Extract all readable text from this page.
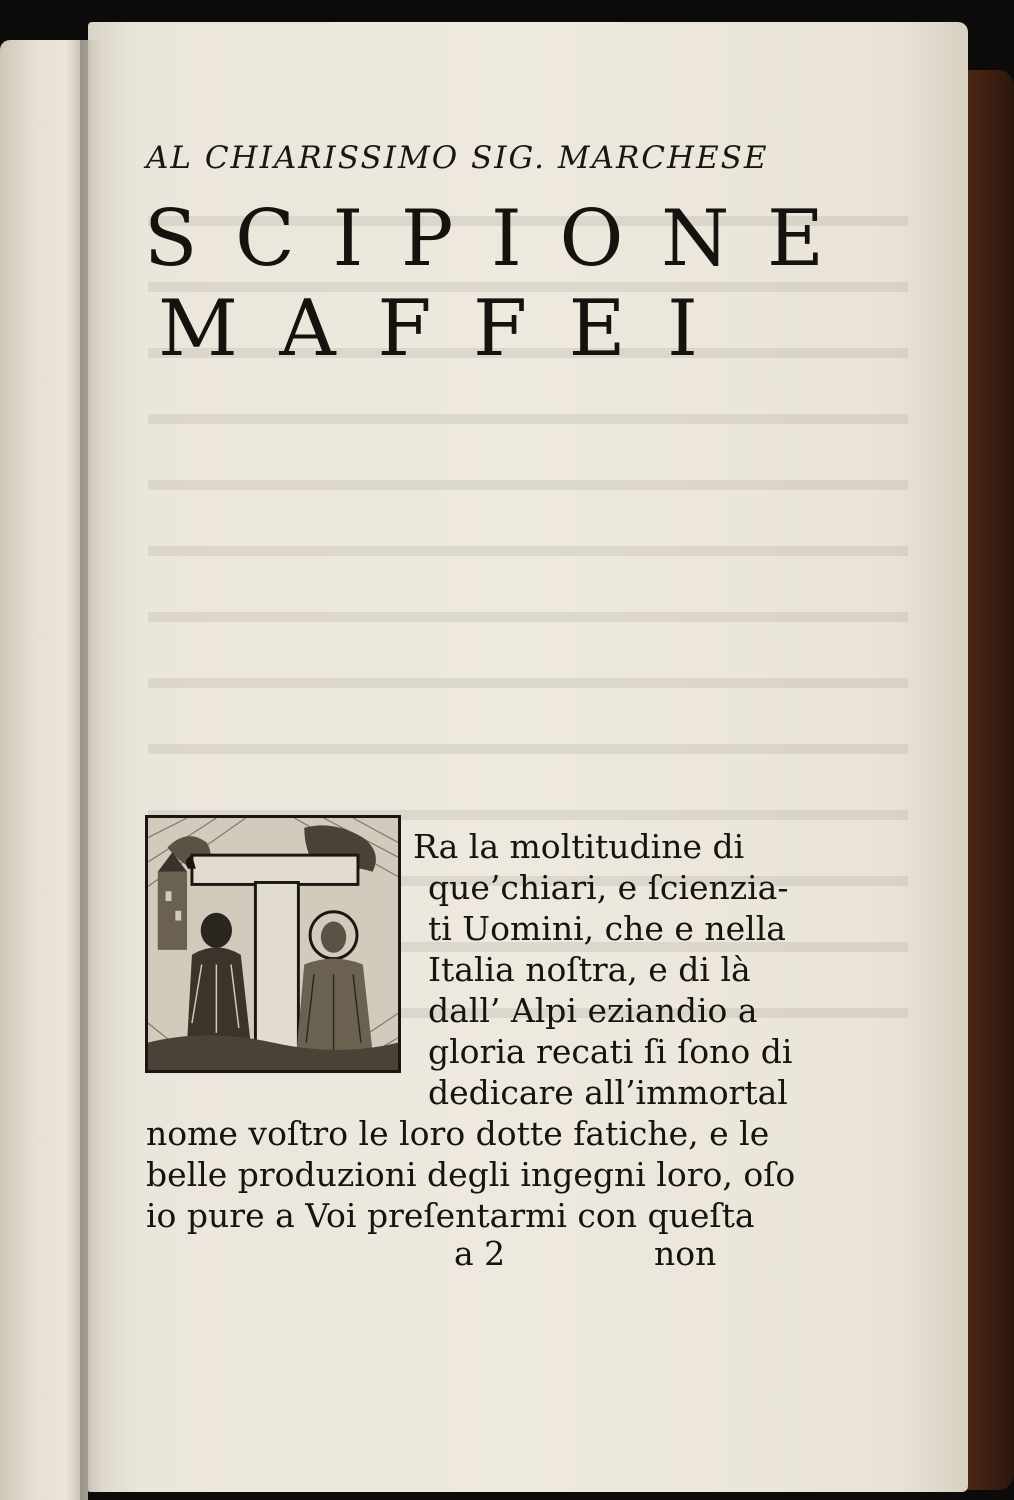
AL CHIARISSIMO SIG. MARCHESE
S C I P I O N E
M A F F E I
Ra la moltitudine di
que’chiari, e ſcienzia-
ti Uomini, che e nella
Italia noſtra, e di là
dall’ Alpi eziandio a
gloria recati ſi ſono di
dedicare all’immortal
nome voſtro le loro dotte fatiche, e le
belle produzioni degli ingegni loro, oſo
io pure a Voi preſentarmi con queſta
a 2	non
